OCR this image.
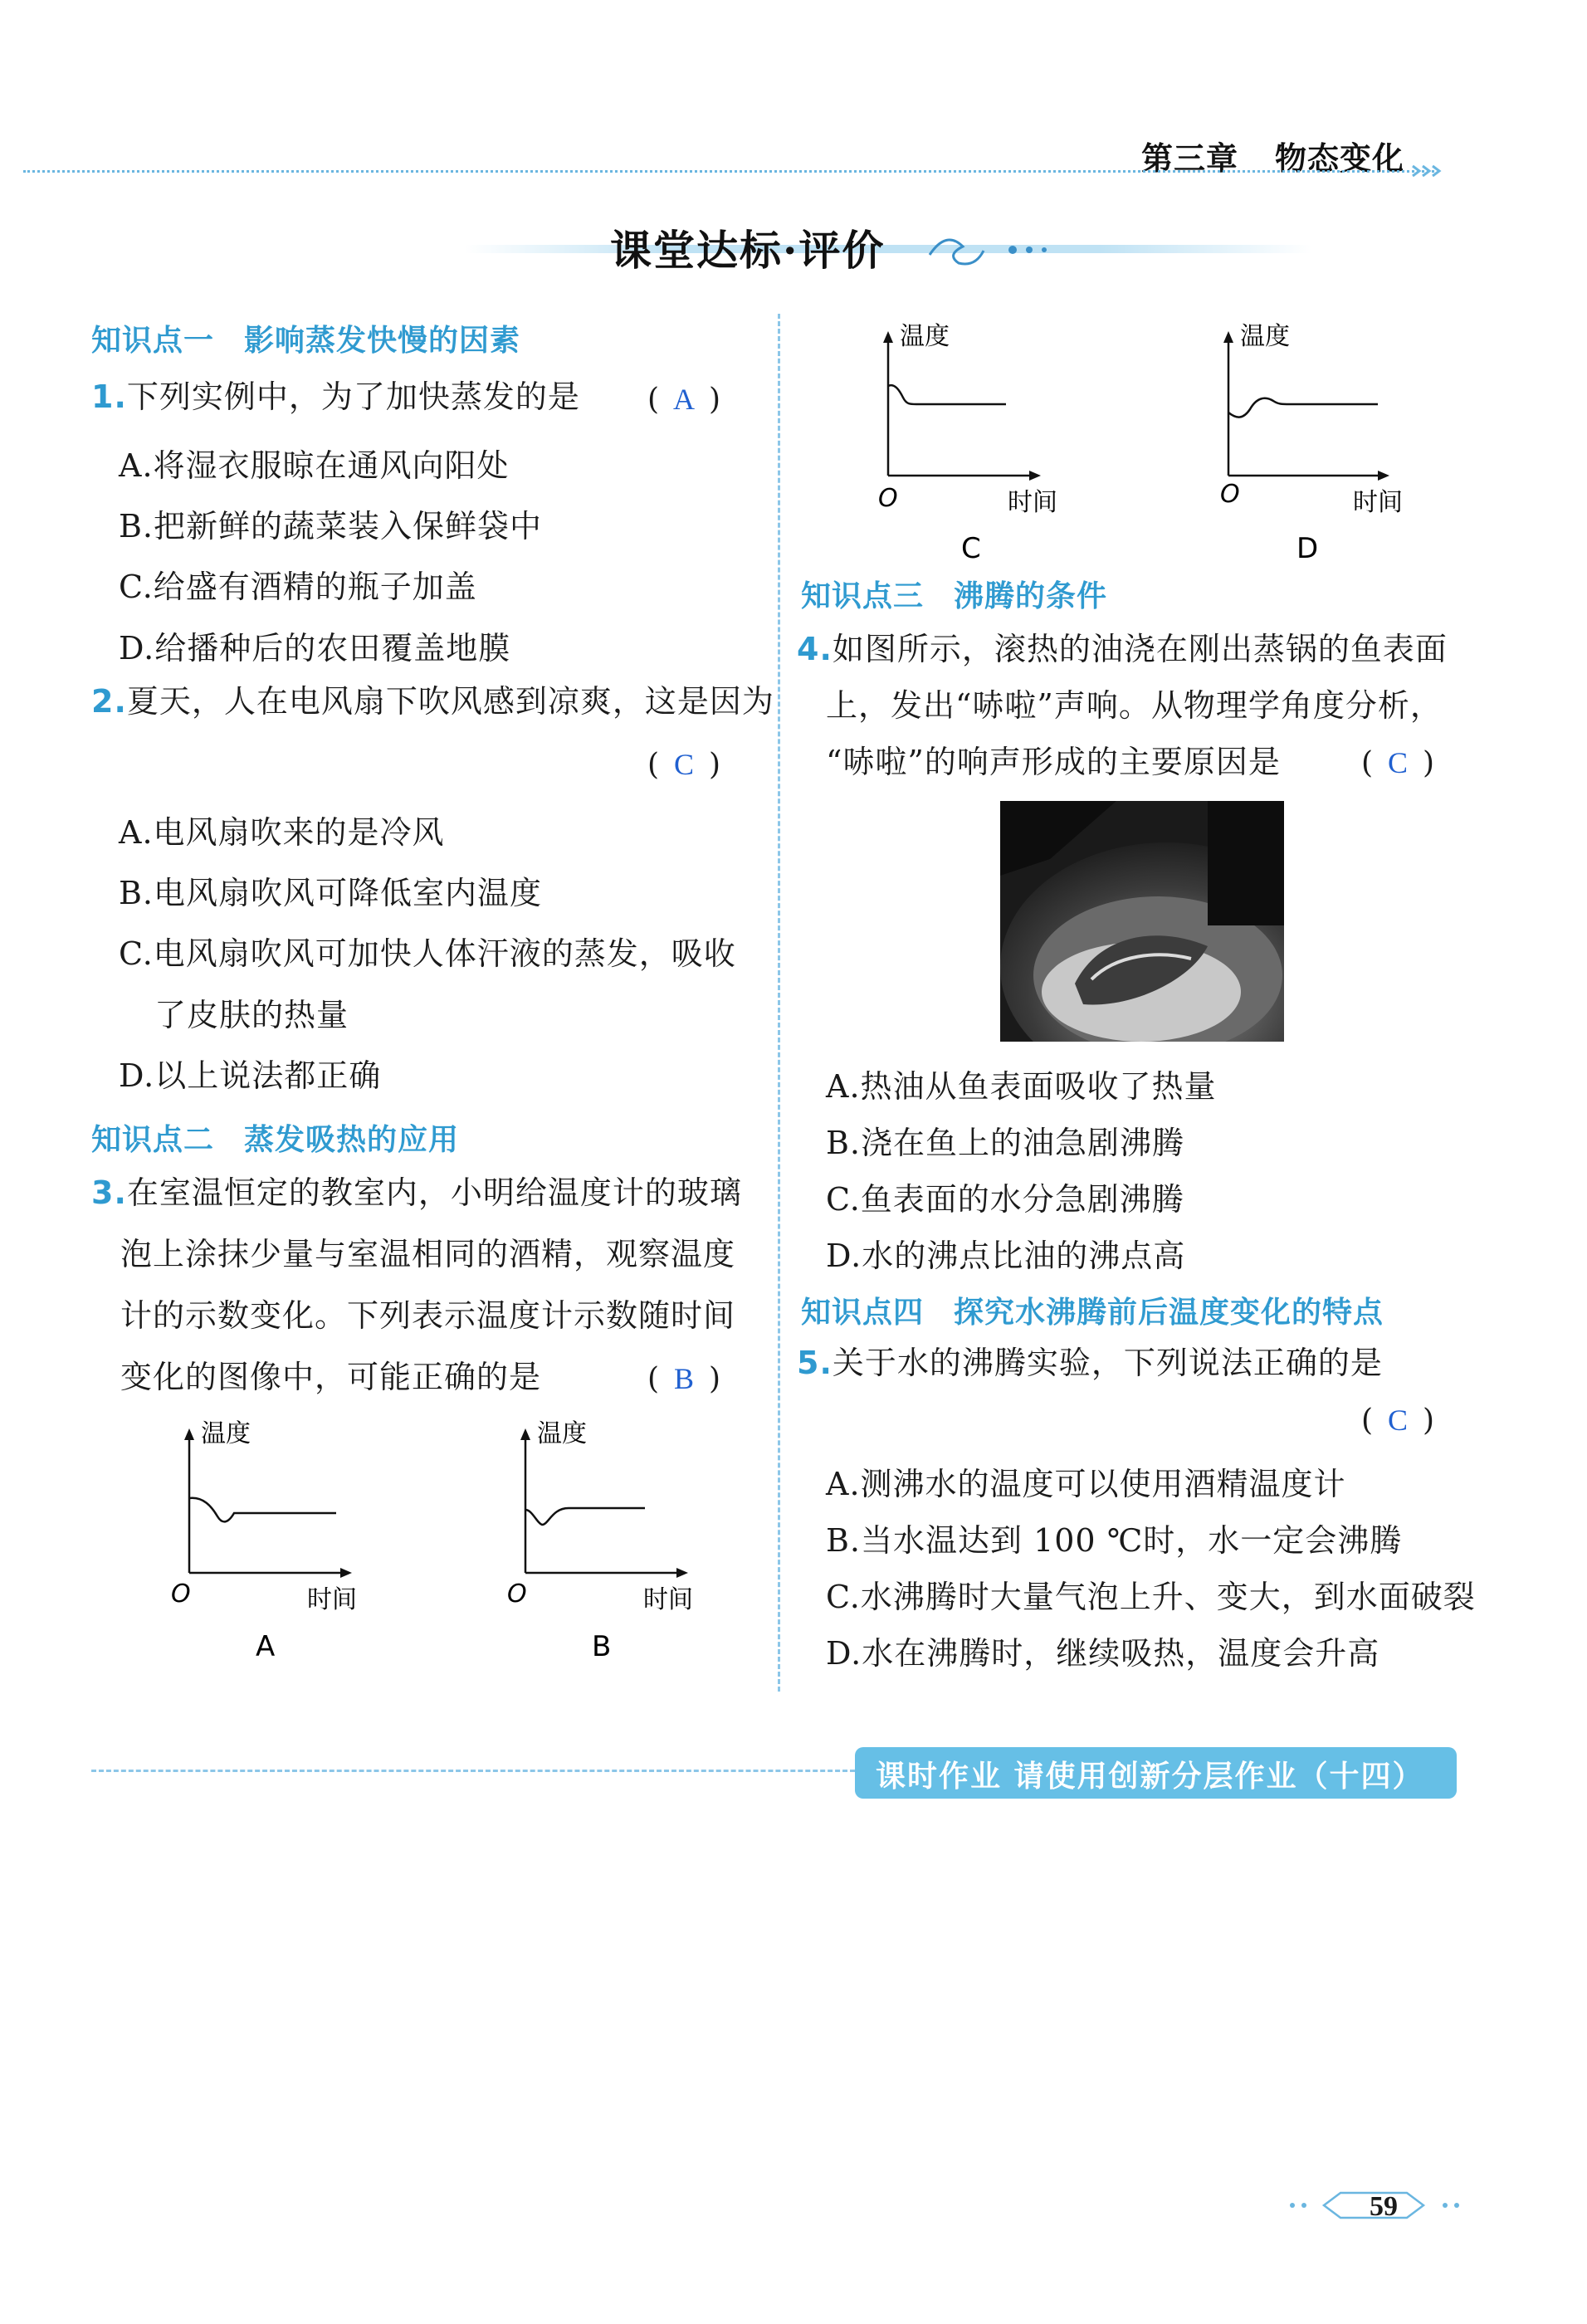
第三章 物态变化
课堂达标·评价
知识点一 影响蒸发快慢的因素
1.下列实例中，为了加快蒸发的是 ( A )
A.将湿衣服晾在通风向阳处
B.把新鲜的蔬菜装入保鲜袋中
C.给盛有酒精的瓶子加盖
D.给播种后的农田覆盖地膜
2.夏天，人在电风扇下吹风感到凉爽，这是因为
( C )
A.电风扇吹来的是冷风
B.电风扇吹风可降低室内温度
C.电风扇吹风可加快人体汗液的蒸发，吸收
了皮肤的热量
D.以上说法都正确
知识点二 蒸发吸热的应用
3.在室温恒定的教室内，小明给温度计的玻璃
泡上涂抹少量与室温相同的酒精，观察温度
计的示数变化。下列表示温度计示数随时间
变化的图像中，可能正确的是	( B )
温度
O	时间
A
温度
O	时间
B
温度
O	时间
C
温度
O	时间
D
知识点三 沸腾的条件
4.如图所示，滚热的油浇在刚出蒸锅的鱼表面
上，发出“哧啦”声响。从物理学角度分析，
“哧啦”的响声形成的主要原因是	( C )
A.热油从鱼表面吸收了热量
B.浇在鱼上的油急剧沸腾
C.鱼表面的水分急剧沸腾
D.水的沸点比油的沸点高
知识点四 探究水沸腾前后温度变化的特点
5.关于水的沸腾实验，下列说法正确的是
( C )
A.测沸水的温度可以使用酒精温度计
B.当水温达到 100 ℃时，水一定会沸腾
C.水沸腾时大量气泡上升、变大，到水面破裂
D.水在沸腾时，继续吸热，温度会升高
课时作业 请使用创新分层作业（十四）
59
